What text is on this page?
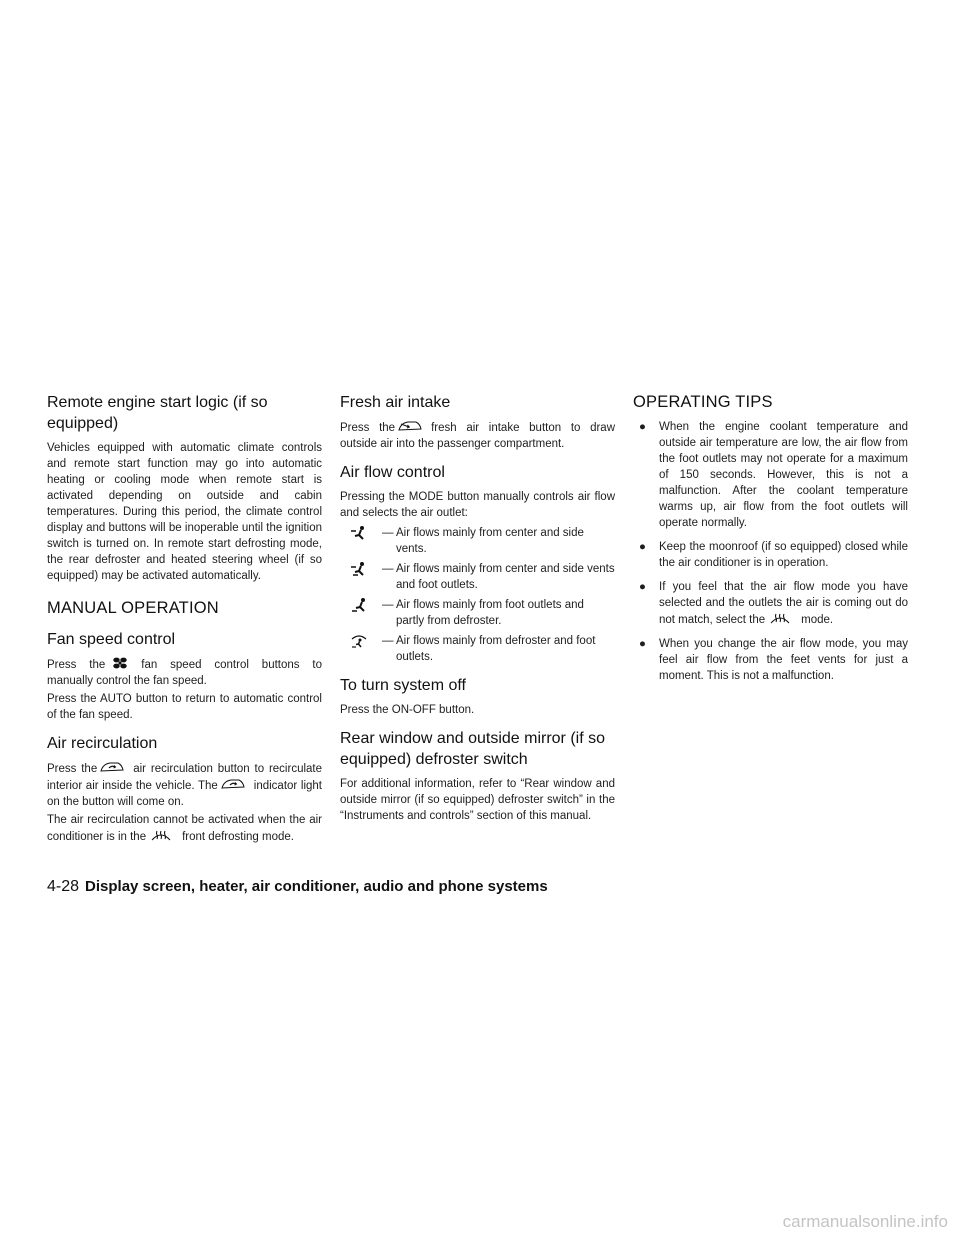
Remote engine start logic (if so equipped)

Vehicles equipped with automatic climate controls and remote start function may go into automatic heating or cooling mode when remote start is activated depending on outside and cabin temperatures. During this period, the climate control display and buttons will be inoperable until the ignition switch is turned on. In remote start defrosting mode, the rear defroster and heated steering wheel (if so equipped) may be activated automatically.

MANUAL OPERATION
Fan speed control

Press the	fan speed control buttons to manually control the fan speed.

Press the AUTO button to return to automatic control of the fan speed.

Air recirculation

Press the	air recirculation button to recirculate interior air inside the vehicle. The	indicator light on the button will come on.

The air recirculation cannot be activated when the air conditioner is in the	front defrosting mode.

Fresh air intake

Press the	fresh air intake button to draw outside air into the passenger compartment.

Air flow control

Pressing the MODE button manually controls air flow and selects the air outlet:

— Air flows mainly from center and side vents.
— Air flows mainly from center and side vents and foot outlets.
— Air flows mainly from foot outlets and partly from defroster.
— Air flows mainly from defroster and foot outlets.
To turn system off

Press the ON-OFF button.

Rear window and outside mirror (if so equipped) defroster switch

For additional information, refer to “Rear window and outside mirror (if so equipped) defroster switch” in the “Instruments and controls” section of this manual.

OPERATING TIPS
● When the engine coolant temperature and outside air temperature are low, the air flow from the foot outlets may not operate for a maximum of 150 seconds. However, this is not a malfunction. After the coolant temperature warms up, air flow from the foot outlets will operate normally.
● Keep the moonroof (if so equipped) closed while the air conditioner is in operation.
● If you feel that the air flow mode you have selected and the outlets the air is coming out do not match, select the	mode.
● When you change the air flow mode, you may feel air flow from the feet vents for just a moment. This is not a malfunction.
4-28 Display screen, heater, air conditioner, audio and phone systems
carmanualsonline.info
